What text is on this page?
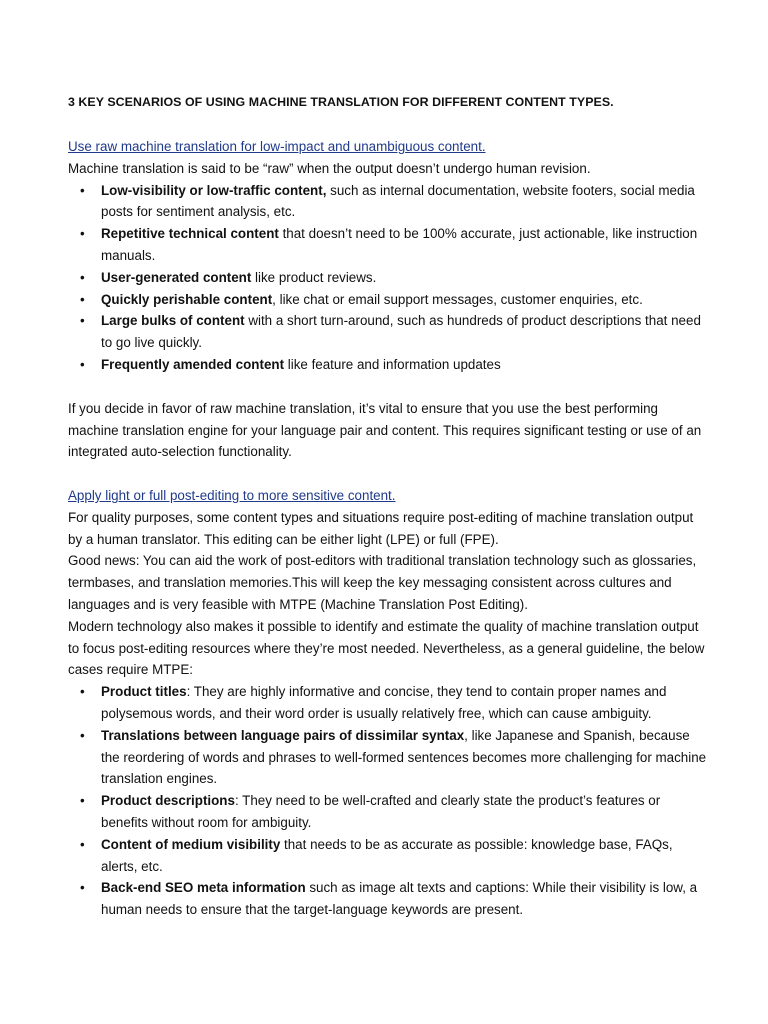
3 KEY SCENARIOS OF USING MACHINE TRANSLATION FOR DIFFERENT CONTENT TYPES.
Use raw machine translation for low-impact and unambiguous content.

Machine translation is said to be “raw” when the output doesn’t undergo human revision.

• Low-visibility or low-traffic content, such as internal documentation, website footers, social media posts for sentiment analysis, etc.
• Repetitive technical content that doesn’t need to be 100% accurate, just actionable, like instruction manuals.
• User-generated content like product reviews.
• Quickly perishable content, like chat or email support messages, customer enquiries, etc.
• Large bulks of content with a short turn-around, such as hundreds of product descriptions that need to go live quickly.
• Frequently amended content like feature and information updates

If you decide in favor of raw machine translation, it’s vital to ensure that you use the best performing machine translation engine for your language pair and content. This requires significant testing or use of an integrated auto-selection functionality.

Apply light or full post-editing to more sensitive content.

For quality purposes, some content types and situations require post-editing of machine translation output by a human translator. This editing can be either light (LPE) or full (FPE).

Good news: You can aid the work of post-editors with traditional translation technology such as glossaries, termbases, and translation memories.This will keep the key messaging consistent across cultures and languages and is very feasible with MTPE (Machine Translation Post Editing).

Modern technology also makes it possible to identify and estimate the quality of machine translation output to focus post-editing resources where they’re most needed. Nevertheless, as a general guideline, the below cases require MTPE:

• Product titles: They are highly informative and concise, they tend to contain proper names and polysemous words, and their word order is usually relatively free, which can cause ambiguity.
• Translations between language pairs of dissimilar syntax, like Japanese and Spanish, because the reordering of words and phrases to well-formed sentences becomes more challenging for machine translation engines.
• Product descriptions: They need to be well-crafted and clearly state the product’s features or benefits without room for ambiguity.
• Content of medium visibility that needs to be as accurate as possible: knowledge base, FAQs, alerts, etc.
• Back-end SEO meta information such as image alt texts and captions: While their visibility is low, a human needs to ensure that the target-language keywords are present.
